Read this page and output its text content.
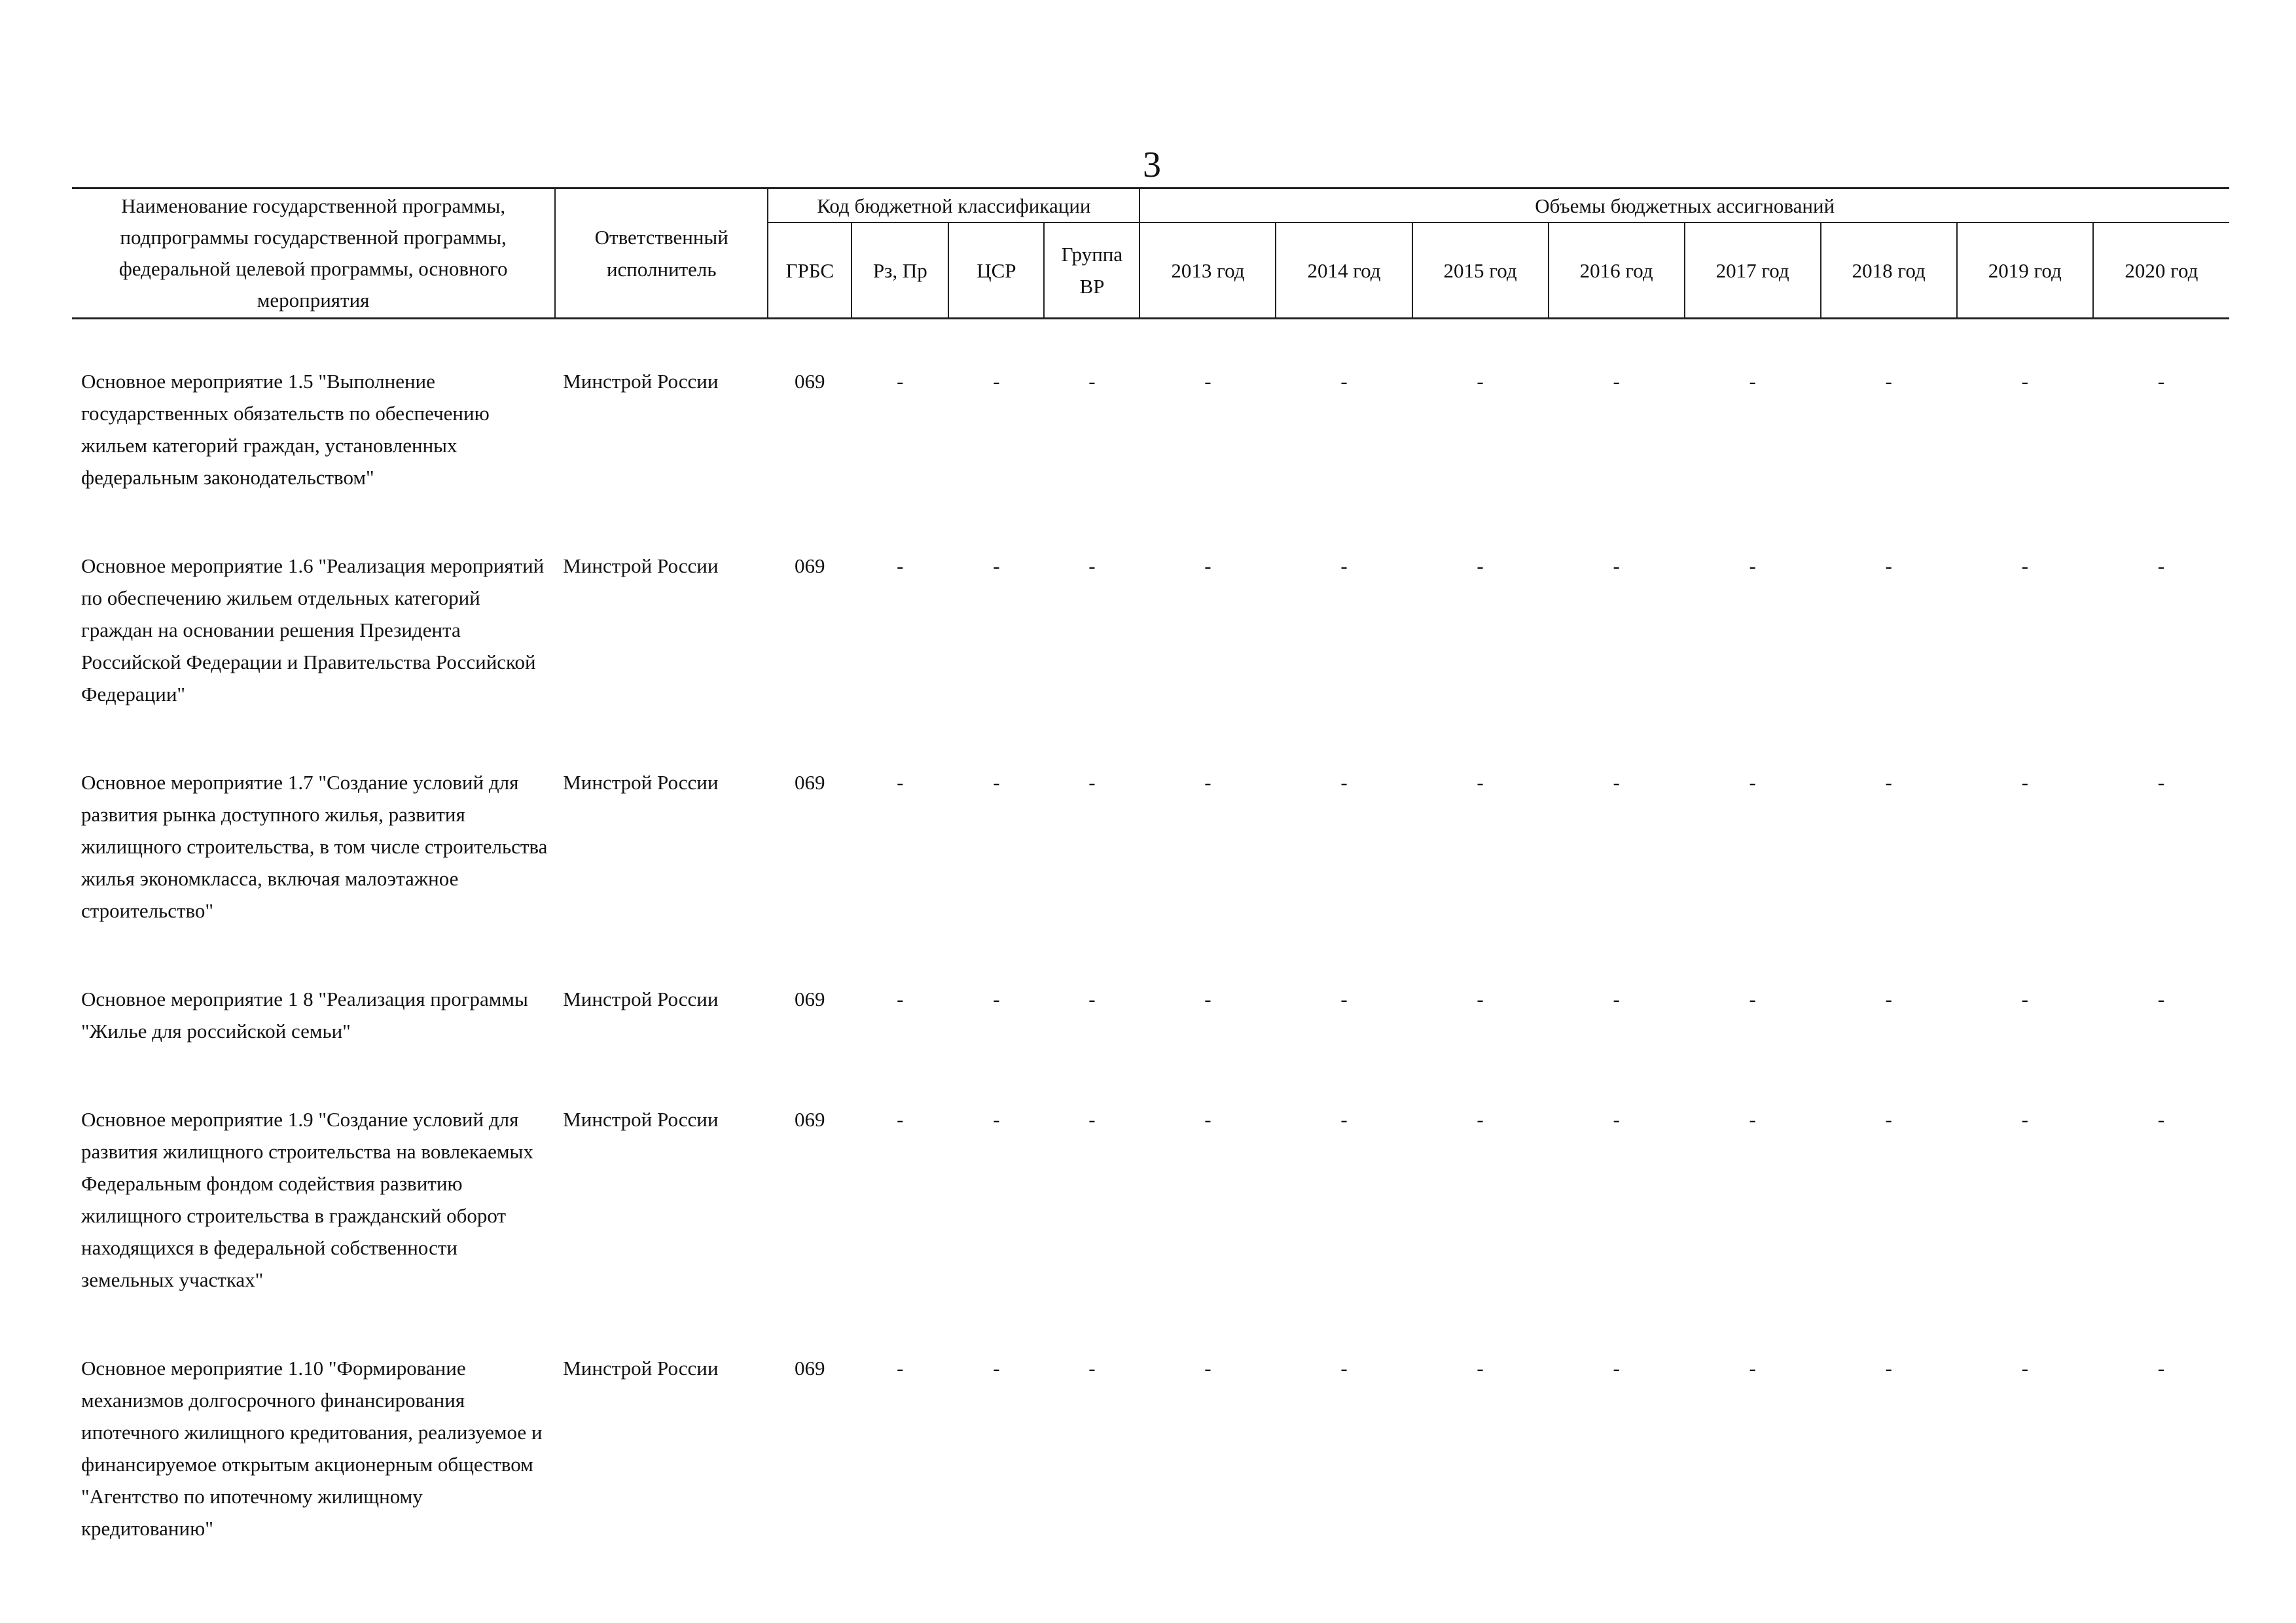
3
Наименование государственной программы, подпрограммы государственной программы, федеральной целевой программы, основного мероприятия	Ответственный исполнитель	Код бюджетной классификации				Объемы бюджетных ассигнований							
		ГРБС	Рз, Пр	ЦСР	Группа ВР	2013 год	2014 год	2015 год	2016 год	2017 год	2018 год	2019 год	2020 год

Основное мероприятие 1.5 "Выполнение государственных обязательств по обеспечению жильем категорий граждан, установленных федеральным законодательством"	Минстрой России	069	-	-	-	-	-	-	-	-	-	-	-
Основное мероприятие 1.6 "Реализация мероприятий по обеспечению жильем отдельных категорий граждан на основании решения Президента Российской Федерации и Правительства Российской Федерации"	Минстрой России	069	-	-	-	-	-	-	-	-	-	-	-
Основное мероприятие 1.7 "Создание условий для развития рынка доступного жилья, развития жилищного строительства, в том числе строительства жилья экономкласса, включая малоэтажное строительство"	Минстрой России	069	-	-	-	-	-	-	-	-	-	-	-
Основное мероприятие 1 8 "Реализация программы "Жилье для российской семьи"	Минстрой России	069	-	-	-	-	-	-	-	-	-	-	-
Основное мероприятие 1.9 "Создание условий для развития жилищного строительства на вовлекаемых Федеральным фондом содействия развитию жилищного строительства в гражданский оборот находящихся в федеральной собственности земельных участках"	Минстрой России	069	-	-	-	-	-	-	-	-	-	-	-
Основное мероприятие 1.10 "Формирование механизмов долгосрочного финансирования ипотечного жилищного кредитования, реализуемое и финансируемое открытым акционерным обществом "Агентство по ипотечному жилищному кредитованию"	Минстрой России	069	-	-	-	-	-	-	-	-	-	-	-
